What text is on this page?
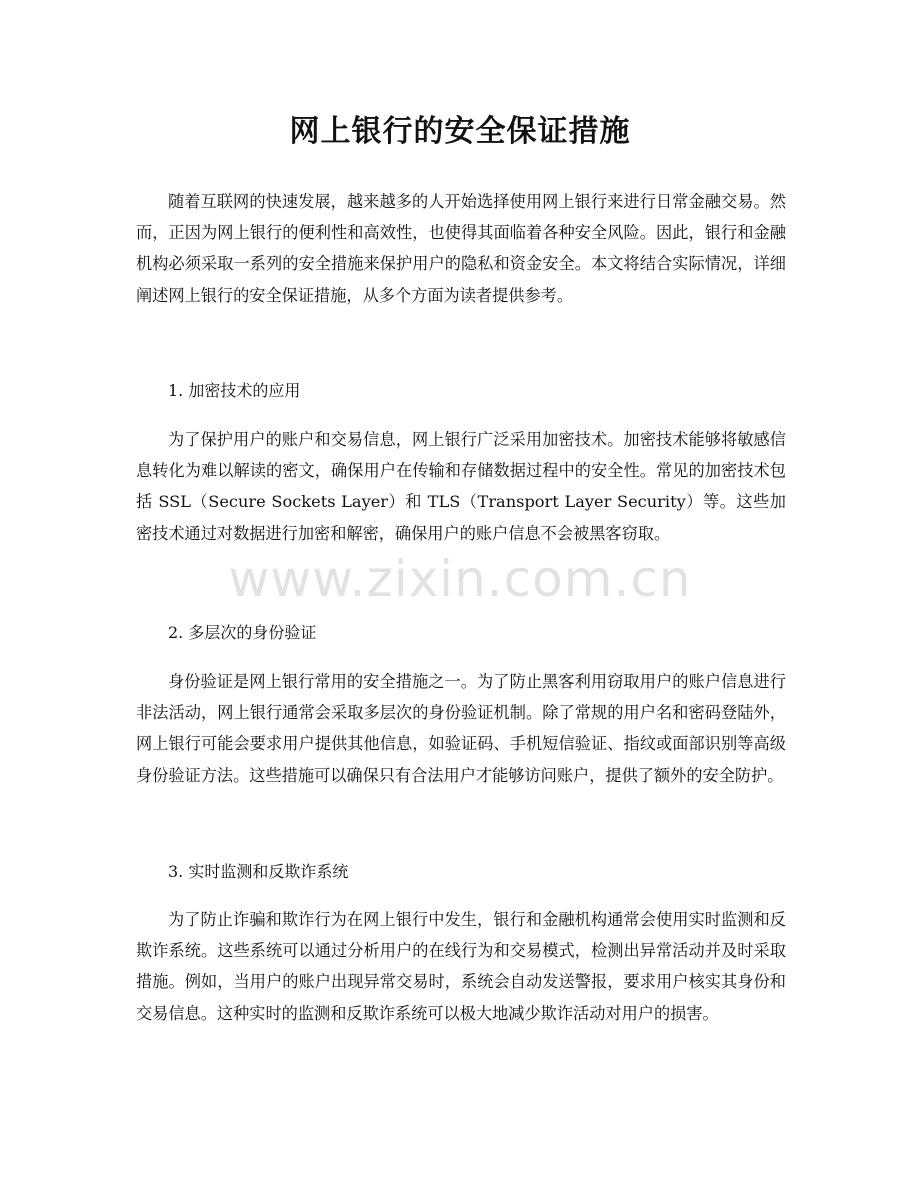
网上银行的安全保证措施

随着互联网的快速发展，越来越多的人开始选择使用网上银行来进行日常金融交易。然而，正因为网上银行的便利性和高效性，也使得其面临着各种安全风险。因此，银行和金融机构必须采取一系列的安全措施来保护用户的隐私和资金安全。本文将结合实际情况，详细阐述网上银行的安全保证措施，从多个方面为读者提供参考。

1. 加密技术的应用

为了保护用户的账户和交易信息，网上银行广泛采用加密技术。加密技术能够将敏感信息转化为难以解读的密文，确保用户在传输和存储数据过程中的安全性。常见的加密技术包括 SSL（Secure Sockets Layer）和 TLS（Transport Layer Security）等。这些加密技术通过对数据进行加密和解密，确保用户的账户信息不会被黑客窃取。

2. 多层次的身份验证

身份验证是网上银行常用的安全措施之一。为了防止黑客利用窃取用户的账户信息进行非法活动，网上银行通常会采取多层次的身份验证机制。除了常规的用户名和密码登陆外，网上银行可能会要求用户提供其他信息，如验证码、手机短信验证、指纹或面部识别等高级身份验证方法。这些措施可以确保只有合法用户才能够访问账户，提供了额外的安全防护。

3. 实时监测和反欺诈系统

为了防止诈骗和欺诈行为在网上银行中发生，银行和金融机构通常会使用实时监测和反欺诈系统。这些系统可以通过分析用户的在线行为和交易模式，检测出异常活动并及时采取措施。例如，当用户的账户出现异常交易时，系统会自动发送警报，要求用户核实其身份和交易信息。这种实时的监测和反欺诈系统可以极大地减少欺诈活动对用户的损害。

www.zixin.com.cn
